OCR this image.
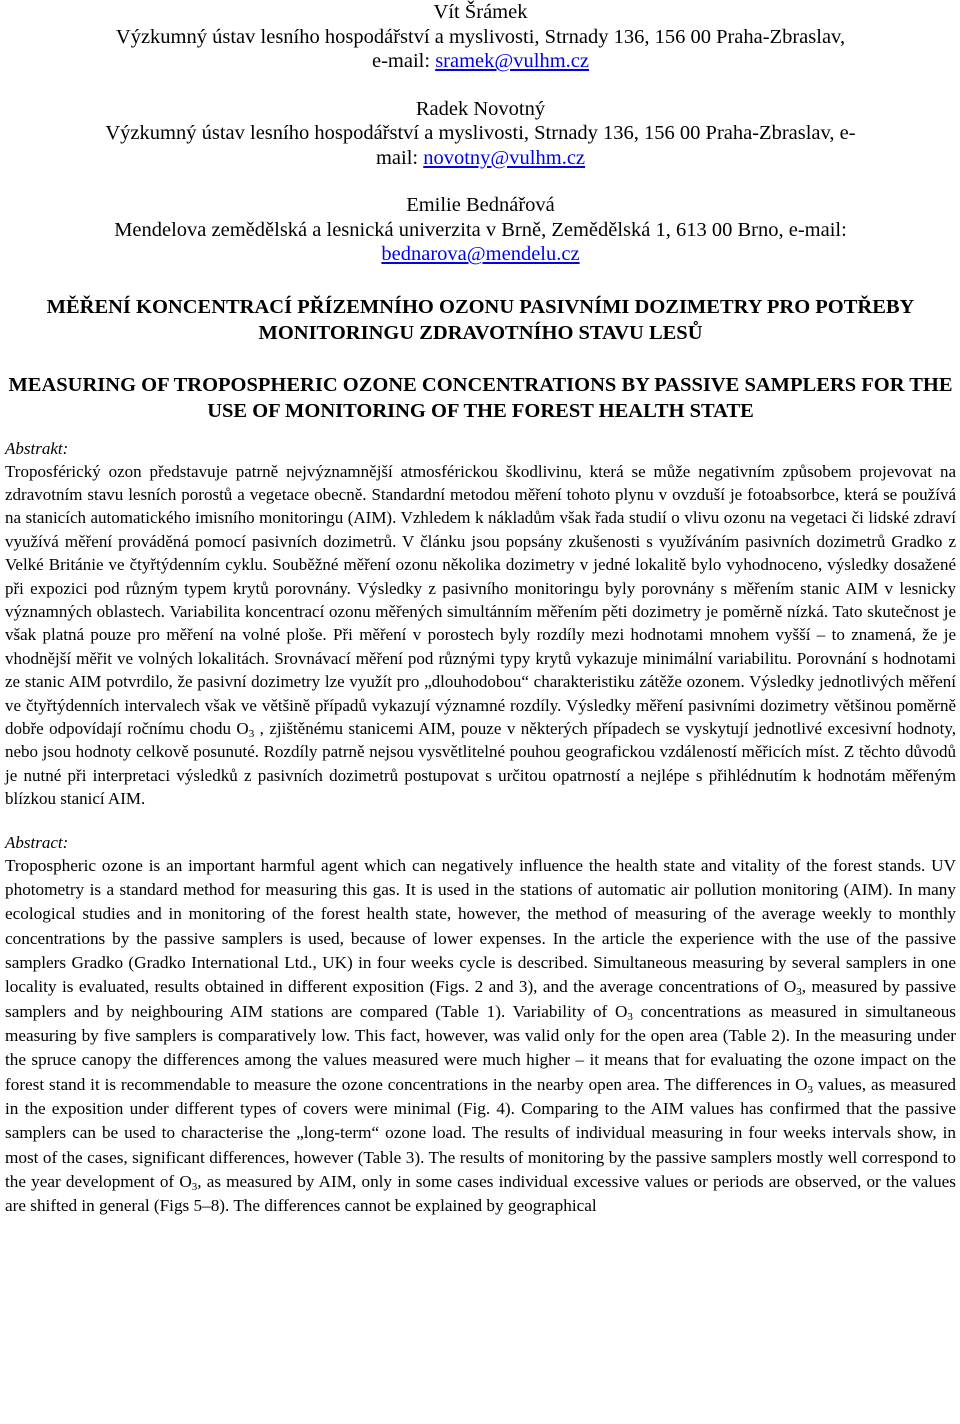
Vít Šrámek
Výzkumný ústav lesního hospodářství a myslivosti, Strnady 136, 156 00 Praha-Zbraslav,
e-mail: sramek@vulhm.cz
Radek Novotný
Výzkumný ústav lesního hospodářství a myslivosti, Strnady 136, 156 00 Praha-Zbraslav, e-
mail: novotny@vulhm.cz
Emilie Bednářová
Mendelova zemědělská a lesnická univerzita v Brně, Zemědělská 1, 613 00 Brno, e-mail:
bednarova@mendelu.cz
MĚŘENÍ KONCENTRACÍ PŘÍZEMNÍHO OZONU PASIVNÍMI DOZIMETRY PRO POTŘEBY MONITORINGU ZDRAVOTNÍHO STAVU LESŮ
MEASURING OF TROPOSPHERIC OZONE CONCENTRATIONS BY PASSIVE SAMPLERS FOR THE USE OF MONITORING OF THE FOREST HEALTH STATE
Abstrakt:

Troposférický ozon představuje patrně nejvýznamnější atmosférickou škodlivinu, která se může negativním způsobem projevovat na zdravotním stavu lesních porostů a vegetace obecně. Standardní metodou měření tohoto plynu v ovzduší je fotoabsorbce, která se používá na stanicích automatického imisního monitoringu (AIM). Vzhledem k nákladům však řada studií o vlivu ozonu na vegetaci či lidské zdraví využívá měření prováděná pomocí pasivních dozimetrů. V článku jsou popsány zkušenosti s využíváním pasivních dozimetrů Gradko z Velké Británie ve čtyřtýdenním cyklu. Souběžné měření ozonu několika dozimetry v jedné lokalitě bylo vyhodnoceno, výsledky dosažené při expozici pod různým typem krytů porovnány. Výsledky z pasivního monitoringu byly porovnány s měřením stanic AIM v lesnicky významných oblastech. Variabilita koncentrací ozonu měřených simultánním měřením pěti dozimetry je poměrně nízká. Tato skutečnost je však platná pouze pro měření na volné ploše. Při měření v porostech byly rozdíly mezi hodnotami mnohem vyšší – to znamená, že je vhodnější měřit ve volných lokalitách. Srovnávací měření pod různými typy krytů vykazuje minimální variabilitu. Porovnání s hodnotami ze stanic AIM potvrdilo, že pasivní dozimetry lze využít pro „dlouhodobou“ charakteristiku zátěže ozonem. Výsledky jednotlivých měření ve čtyřtýdenních intervalech však ve většině případů vykazují významné rozdíly. Výsledky měření pasivními dozimetry většinou poměrně dobře odpovídají ročnímu chodu $O_3$ , zjištěnému stanicemi AIM, pouze v některých případech se vyskytují jednotlivé excesivní hodnoty, nebo jsou hodnoty celkově posunuté. Rozdíly patrně nejsou vysvětlitelné pouhou geografickou vzdáleností měřicích míst. Z těchto důvodů je nutné při interpretaci výsledků z pasivních dozimetrů postupovat s určitou opatrností a nejlépe s přihlédnutím k hodnotám měřeným blízkou stanicí AIM.

Abstract:

Tropospheric ozone is an important harmful agent which can negatively influence the health state and vitality of the forest stands. UV photometry is a standard method for measuring this gas. It is used in the stations of automatic air pollution monitoring (AIM). In many ecological studies and in monitoring of the forest health state, however, the method of measuring of the average weekly to monthly concentrations by the passive samplers is used, because of lower expenses. In the article the experience with the use of the passive samplers Gradko (Gradko International Ltd., UK) in four weeks cycle is described. Simultaneous measuring by several samplers in one locality is evaluated, results obtained in different exposition (Figs. 2 and 3), and the average concentrations of $O_3$, measured by passive samplers and by neighbouring AIM stations are compared (Table 1). Variability of $O_3$ concentrations as measured in simultaneous measuring by five samplers is comparatively low. This fact, however, was valid only for the open area (Table 2). In the measuring under the spruce canopy the differences among the values measured were much higher – it means that for evaluating the ozone impact on the forest stand it is recommendable to measure the ozone concentrations in the nearby open area. The differences in $O_3$ values, as measured in the exposition under different types of covers were minimal (Fig. 4). Comparing to the AIM values has confirmed that the passive samplers can be used to characterise the „long-term“ ozone load. The results of individual measuring in four weeks intervals show, in most of the cases, significant differences, however (Table 3). The results of monitoring by the passive samplers mostly well correspond to the year development of $O_3$, as measured by AIM, only in some cases individual excessive values or periods are observed, or the values are shifted in general (Figs 5–8). The differences cannot be explained by geographical
